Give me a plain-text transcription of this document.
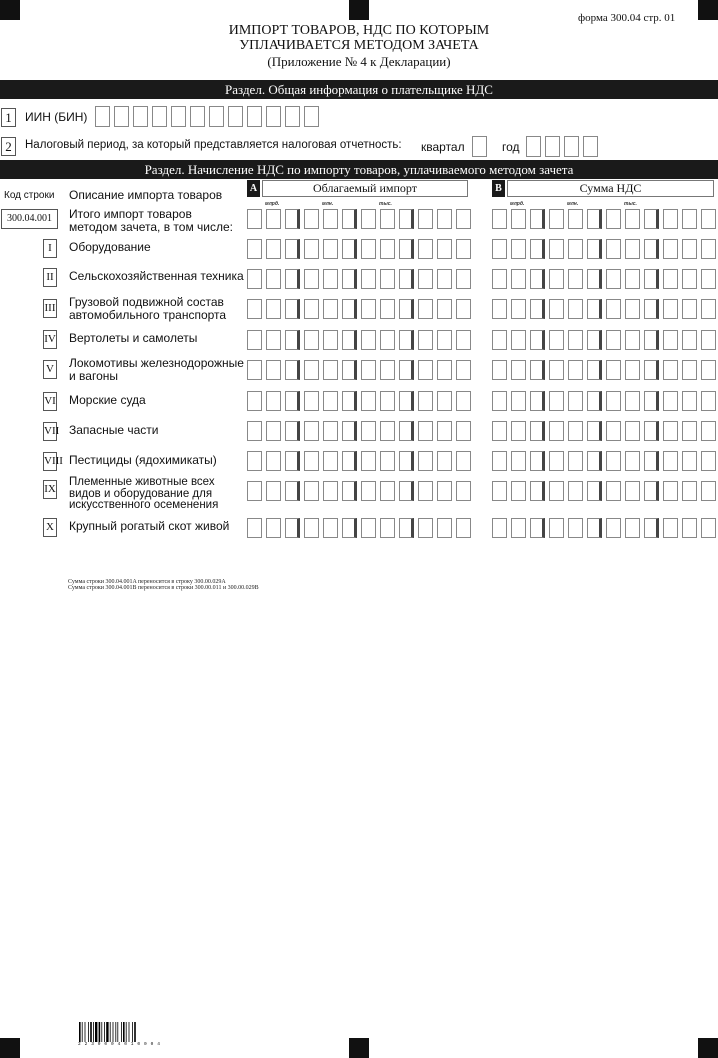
форма 300.04 стр. 01
ИМПОРТ ТОВАРОВ, НДС ПО КОТОРЫМ
УПЛАЧИВАЕТСЯ МЕТОДОМ ЗАЧЕТА
(Приложение № 4 к Декларации)
Раздел. Общая информация о плательщике НДС
1	ИИН (БИН)
2	Налоговый период, за который представляется налоговая отчетность: квартал	год
Раздел. Начисление НДС по импорту товаров, уплачиваемого методом зачета
Код строки Описание импорта товаров	A	Облагаемый импорт	B	Сумма НДС
млрд.	млн.	тыс.	млрд.	млн.	тыс.
300.04.001	Итого импорт товаров
методом зачета, в том числе:
I	Оборудование
II Сельскохозяйственная техника
III Грузовой подвижной состав
автомобильного транспорта
IV Вертолеты и самолеты
V Локомотивы железнодорожные
и вагоны
VI Морские суда
VII Запасные части
VIII Пестициды (ядохимикаты)
IX
Племенные животные всех
видов и оборудование для
искусственного осеменения
X Крупный рогатый скот живой
Сумма строки 300.04.001A переносится в строку 300.00.029A
Сумма строки 300.04.001B переносится в строки 300.00.011 и 300.00.029B
2 2 3 0 0 0 4 0 1 0 0 0 4
